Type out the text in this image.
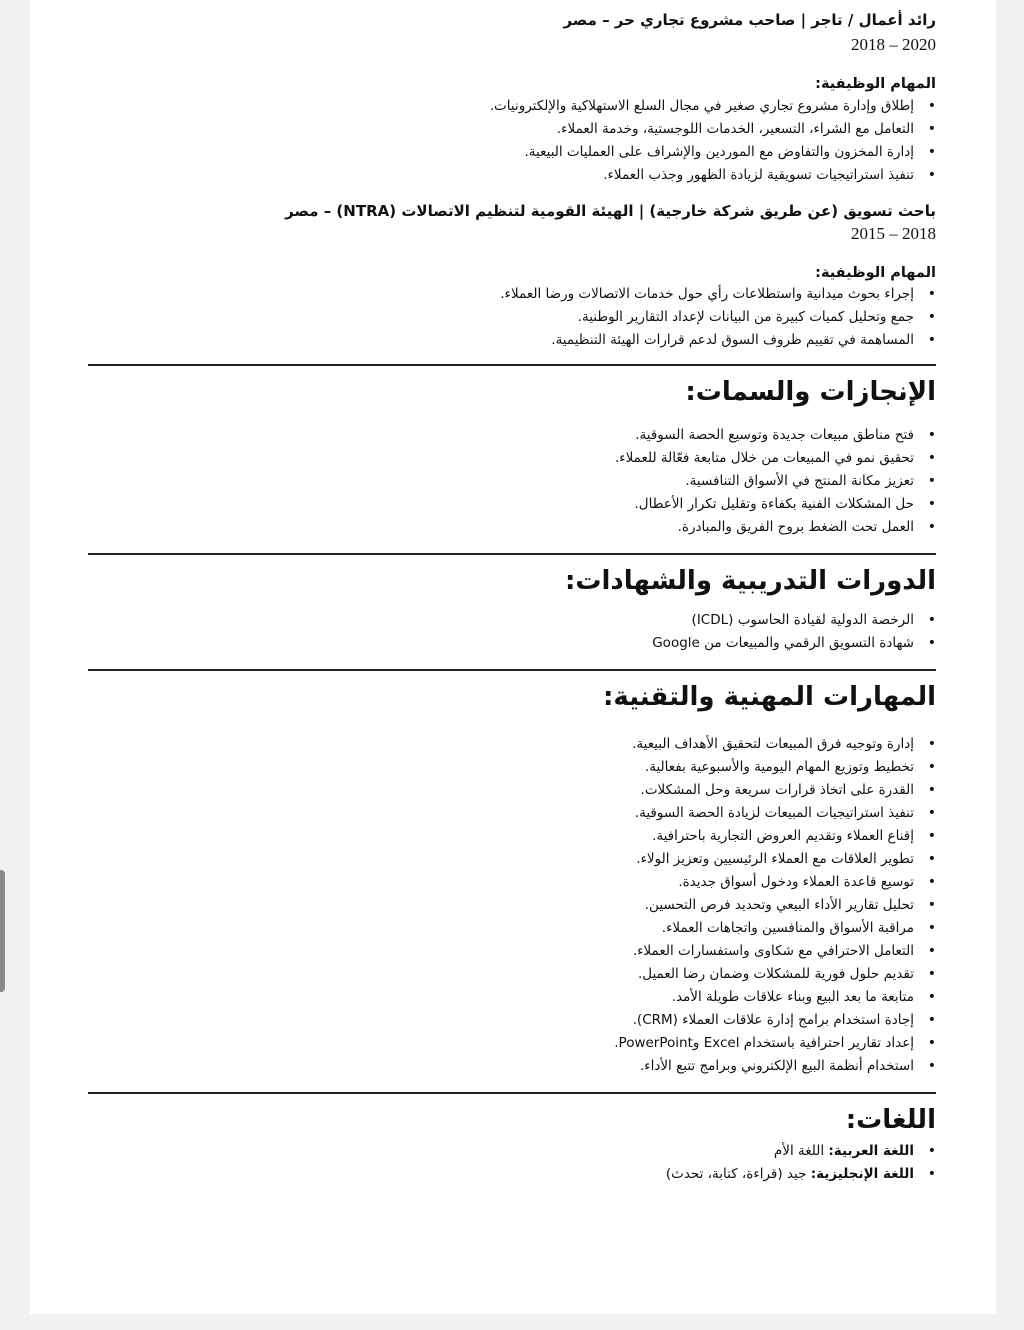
رائد أعمال / تاجر | صاحب مشروع تجاري حر – مصر

2020 – 2018

المهام الوظيفية:

• إطلاق وإدارة مشروع تجاري صغير في مجال السلع الاستهلاكية والإلكترونيات.
• التعامل مع الشراء، التسعير، الخدمات اللوجستية، وخدمة العملاء.
• إدارة المخزون والتفاوض مع الموردين والإشراف على العمليات البيعية.
• تنفيذ استراتيجيات تسويقية لزيادة الظهور وجذب العملاء.

باحث تسويق (عن طريق شركة خارجية) | الهيئة القومية لتنظيم الاتصالات (NTRA) – مصر

2018 – 2015

المهام الوظيفية:

• إجراء بحوث ميدانية واستطلاعات رأي حول خدمات الاتصالات ورضا العملاء.
• جمع وتحليل كميات كبيرة من البيانات لإعداد التقارير الوطنية.
• المساهمة في تقييم ظروف السوق لدعم قرارات الهيئة التنظيمية.

الإنجازات والسمات:

• فتح مناطق مبيعات جديدة وتوسيع الحصة السوقية.
• تحقيق نمو في المبيعات من خلال متابعة فعّالة للعملاء.
• تعزيز مكانة المنتج في الأسواق التنافسية.
• حل المشكلات الفنية بكفاءة وتقليل تكرار الأعطال.
• العمل تحت الضغط بروح الفريق والمبادرة.

الدورات التدريبية والشهادات:

• الرخصة الدولية لقيادة الحاسوب (ICDL)
• شهادة التسويق الرقمي والمبيعات من Google

المهارات المهنية والتقنية:

• إدارة وتوجيه فرق المبيعات لتحقيق الأهداف البيعية.
• تخطيط وتوزيع المهام اليومية والأسبوعية بفعالية.
• القدرة على اتخاذ قرارات سريعة وحل المشكلات.
• تنفيذ استراتيجيات المبيعات لزيادة الحصة السوقية.
• إقناع العملاء وتقديم العروض التجارية باحترافية.
• تطوير العلاقات مع العملاء الرئيسيين وتعزيز الولاء.
• توسيع قاعدة العملاء ودخول أسواق جديدة.
• تحليل تقارير الأداء البيعي وتحديد فرص التحسين.
• مراقبة الأسواق والمنافسين واتجاهات العملاء.
• التعامل الاحترافي مع شكاوى واستفسارات العملاء.
• تقديم حلول فورية للمشكلات وضمان رضا العميل.
• متابعة ما بعد البيع وبناء علاقات طويلة الأمد.
• إجادة استخدام برامج إدارة علاقات العملاء (CRM).
• إعداد تقارير احترافية باستخدام Excel وPowerPoint.
• استخدام أنظمة البيع الإلكتروني وبرامج تتبع الأداء.

اللغات:

• اللغة العربية: اللغة الأم
• اللغة الإنجليزية: جيد (قراءة، كتابة، تحدث)
